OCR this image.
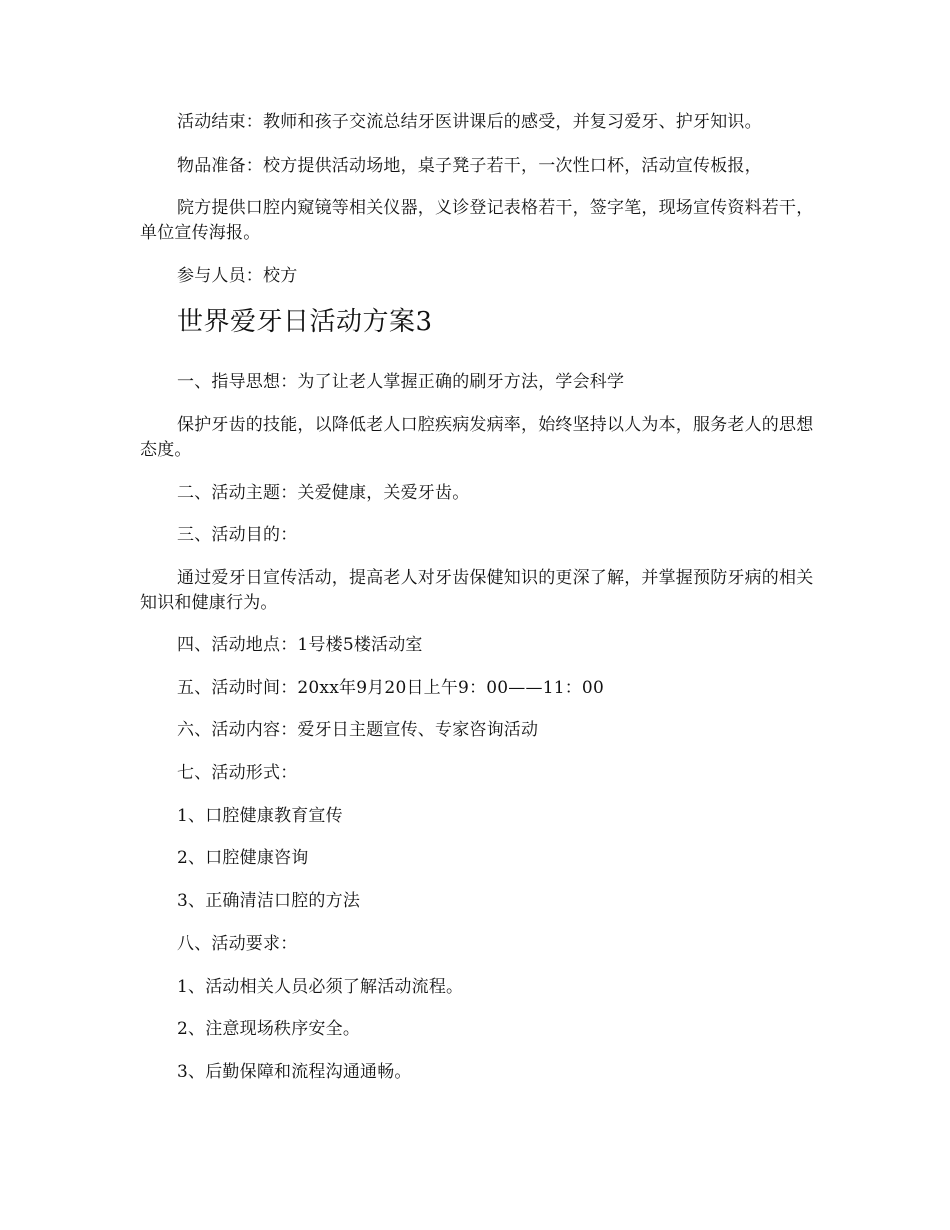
活动结束：教师和孩子交流总结牙医讲课后的感受，并复习爱牙、护牙知识。

物品准备：校方提供活动场地，桌子凳子若干，一次性口杯，活动宣传板报，

院方提供口腔内窥镜等相关仪器，义诊登记表格若干，签字笔，现场宣传资料若干，单位宣传海报。

参与人员：校方

世界爱牙日活动方案3

一、指导思想：为了让老人掌握正确的刷牙方法，学会科学

保护牙齿的技能，以降低老人口腔疾病发病率，始终坚持以人为本，服务老人的思想态度。

二、活动主题：关爱健康，关爱牙齿。

三、活动目的：

通过爱牙日宣传活动，提高老人对牙齿保健知识的更深了解，并掌握预防牙病的相关知识和健康行为。

四、活动地点：1号楼5楼活动室

五、活动时间：20xx年9月20日上午9：00——11：00

六、活动内容：爱牙日主题宣传、专家咨询活动

七、活动形式：

1、口腔健康教育宣传

2、口腔健康咨询

3、正确清洁口腔的方法

八、活动要求：

1、活动相关人员必须了解活动流程。

2、注意现场秩序安全。

3、后勤保障和流程沟通通畅。
